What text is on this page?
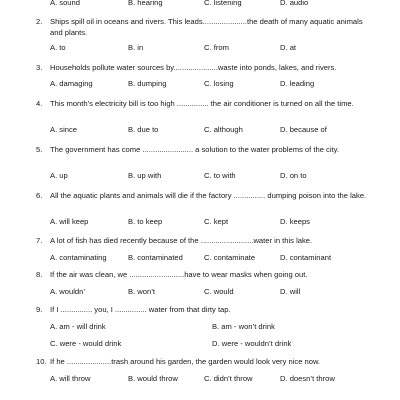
A. sound	B. hearing	C. listening	D. audio
2.	Ships spill oil in oceans and rivers. This leads.....................the death of many aquatic animals and plants.
A. to	B. in	C. from	D. at
3. Households pollute water sources by.....................waste into ponds, lakes, and rivers.
A. damaging	B. dumping	C. losing	D. leading
4.	This month’s electricity bill is too high ............... the air conditioner is turned on all the time.
A. since	B. due to	C. although	D. because of
5.	The government has come ........................ a solution to the water problems of the city.
A. up	B. up with	C. to with	D. on to
6.	All the aquatic plants and animals will die if the factory ............... dumping poison into the lake.
A. will keep	B. to keep	C. kept	D. keeps
7. A lot of fish has died recently because of the .........................water in this lake.
A. contaminating	B. contaminated	C. contaminate	D. contaminant
8. If the air was clean, we ..........................have to wear masks when going out.
A. wouldn’	B. won’t	C. would	D. will
9. If I ............... you, I ............... water from that dirty tap.
A. am - will drink	B. am - won’t drink
C. were - would drink	D. were - wouldn’t drink
10. If he .....................trash around his garden, the garden would look very nice now.
A. will throw	B. would throw	C. didn’t throw	D. doesn’t throw
